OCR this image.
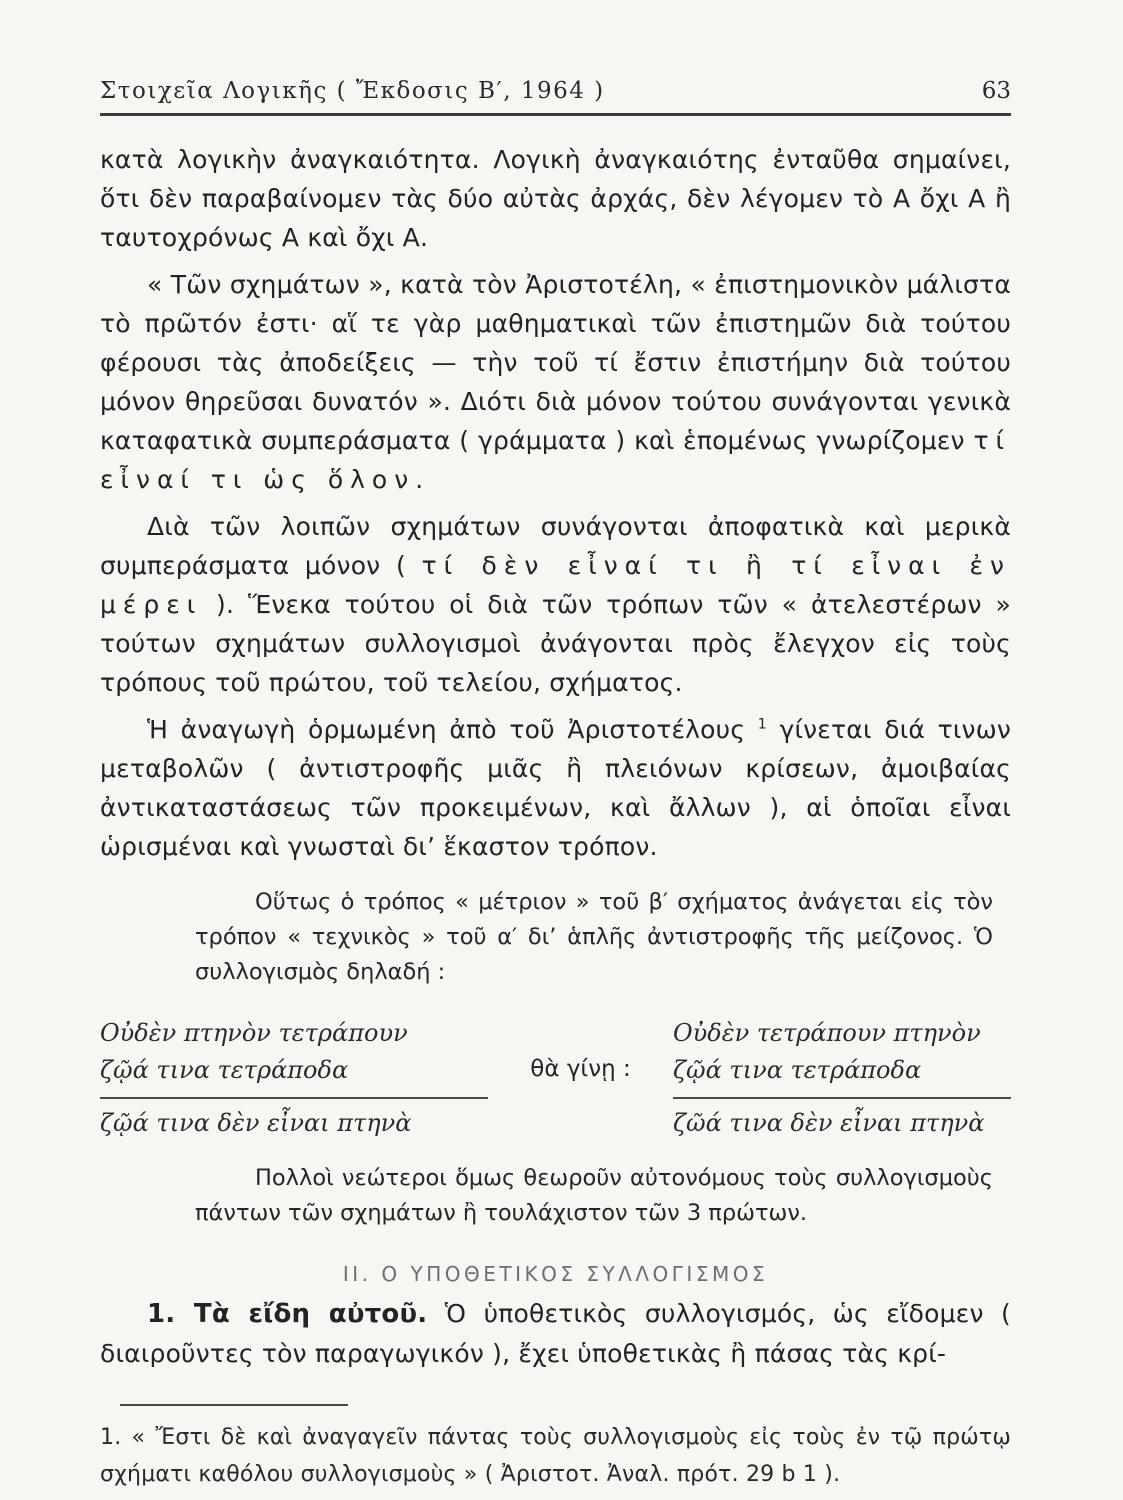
Στοιχεῖα Λογικῆς ( Ἔκδοσις Β′, 1964 )	63

κατὰ λογικὴν ἀναγκαιότητα. Λογικὴ ἀναγκαιότης ἐνταῦθα σημαίνει, ὅτι δὲν παραβαίνομεν τὰς δύο αὐτὰς ἀρχάς, δὲν λέγομεν τὸ Α ὄχι Α ἢ ταυτοχρόνως Α καὶ ὄχι Α.

« Τῶν σχημάτων », κατὰ τὸν Ἀριστοτέλη, « ἐπιστημονικὸν μάλιστα τὸ πρῶτόν ἐστι· αἵ τε γὰρ μαθηματικαὶ τῶν ἐπιστημῶν διὰ τούτου φέρουσι τὰς ἀποδείξεις — τὴν τοῦ τί ἔστιν ἐπιστήμην διὰ τούτου μόνον θηρεῦσαι δυνατόν ». Διότι διὰ μόνον τούτου συνάγονται γενικὰ καταφατικὰ συμπεράσματα ( γράμματα ) καὶ ἑπομένως γνωρίζομεν τί εἶναί τι ὡς ὅλον.

Διὰ τῶν λοιπῶν σχημάτων συνάγονται ἀποφατικὰ καὶ μερικὰ συμπεράσματα μόνον ( τί δὲν εἶναί τι ἢ τί εἶναι ἐν μέρει ). Ἕνεκα τούτου οἱ διὰ τῶν τρόπων τῶν « ἀτελεστέρων » τούτων σχημάτων συλλογισμοὶ ἀνάγονται πρὸς ἔλεγχον εἰς τοὺς τρόπους τοῦ πρώτου, τοῦ τελείου, σχήματος.

Ἡ ἀναγωγὴ ὁρμωμένη ἀπὸ τοῦ Ἀριστοτέλους $^1$ γίνεται διά τινων μεταβολῶν ( ἀντιστροφῆς μιᾶς ἢ πλειόνων κρίσεων, ἀμοιβαίας ἀντικαταστάσεως τῶν προκειμένων, καὶ ἄλλων ), αἱ ὁποῖαι εἶναι ὡρισμέναι καὶ γνωσταὶ δι’ ἕκαστον τρόπον.

Οὕτως ὁ τρόπος « μέτριον » τοῦ β′ σχήματος ἀνάγεται εἰς τὸν τρόπον « τεχνικὸς » τοῦ α′ δι’ ἁπλῆς ἀντιστροφῆς τῆς μείζονος. Ὁ συλλογισμὸς δηλαδή :

Οὐδὲν πτηνὸν τετράπουν
ζῷά τινα τετράποδα
ζῷά τινα δὲν εἶναι πτηνὰ
θὰ γίνῃ :
Οὐδὲν τετράπουν πτηνὸν
ζῷά τινα τετράποδα
ζῶά τινα δὲν εἶναι πτηνὰ

Πολλοὶ νεώτεροι ὅμως θεωροῦν αὐτονόμους τοὺς συλλογισμοὺς πάντων τῶν σχημάτων ἢ τουλάχιστον τῶν 3 πρώτων.

II. Ο ΥΠΟΘΕΤΙΚΟΣ ΣΥΛΛΟΓΙΣΜΟΣ

1. Τὰ εἴδη αὐτοῦ. Ὁ ὑποθετικὸς συλλογισμός, ὡς εἴδομεν ( διαιροῦντες τὸν παραγωγικόν ), ἔχει ὑποθετικὰς ἢ πάσας τὰς κρί-

1. « Ἔστι δὲ καὶ ἀναγαγεῖν πάντας τοὺς συλλογισμοὺς εἰς τοὺς ἐν τῷ πρώτῳ σχήματι καθόλου συλλογισμοὺς » ( Ἀριστοτ. Ἀναλ. πρότ. 29 b 1 ).
